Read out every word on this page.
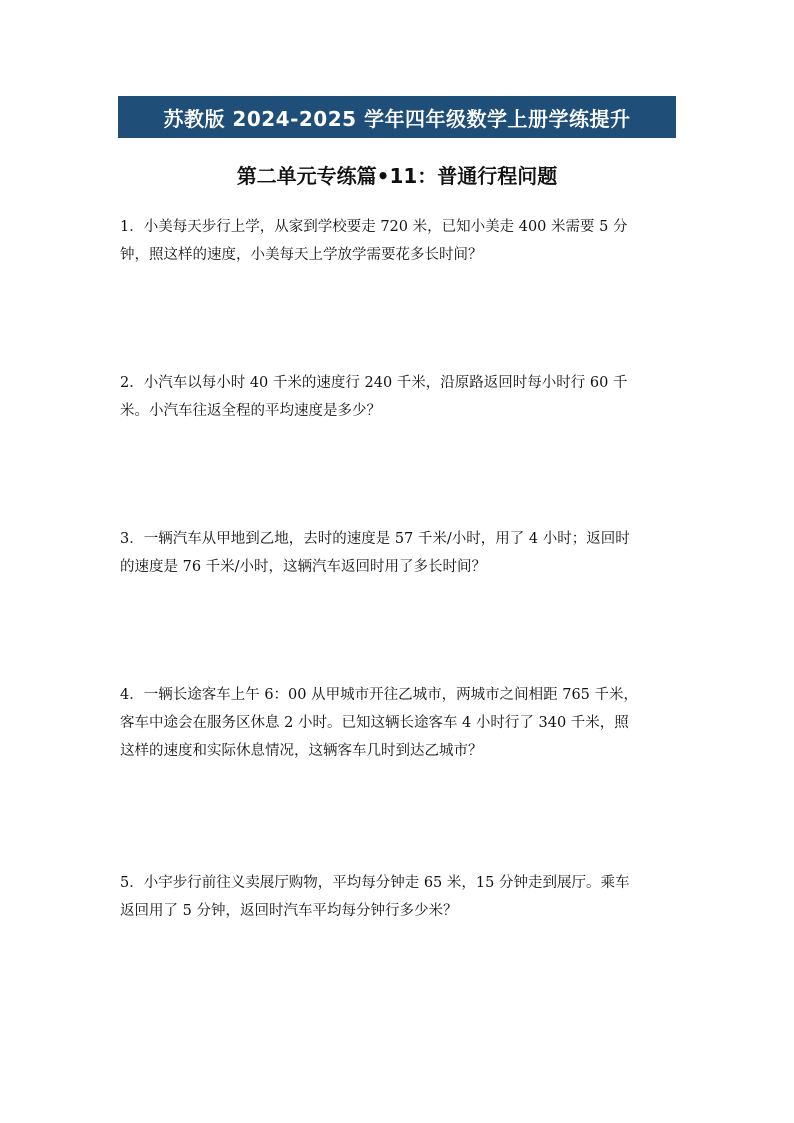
苏教版 2024-2025 学年四年级数学上册学练提升
第二单元专练篇•11：普通行程问题
1．小美每天步行上学，从家到学校要走 720 米，已知小美走 400 米需要 5 分
钟，照这样的速度，小美每天上学放学需要花多长时间？
2．小汽车以每小时 40 千米的速度行 240 千米，沿原路返回时每小时行 60 千
米。小汽车往返全程的平均速度是多少？
3．一辆汽车从甲地到乙地，去时的速度是 57 千米/小时，用了 4 小时；返回时
的速度是 76 千米/小时，这辆汽车返回时用了多长时间？
4．一辆长途客车上午 6：00 从甲城市开往乙城市，两城市之间相距 765 千米，
客车中途会在服务区休息 2 小时。已知这辆长途客车 4 小时行了 340 千米，照
这样的速度和实际休息情况，这辆客车几时到达乙城市？
5．小宇步行前往义卖展厅购物，平均每分钟走 65 米，15 分钟走到展厅。乘车
返回用了 5 分钟，返回时汽车平均每分钟行多少米？
